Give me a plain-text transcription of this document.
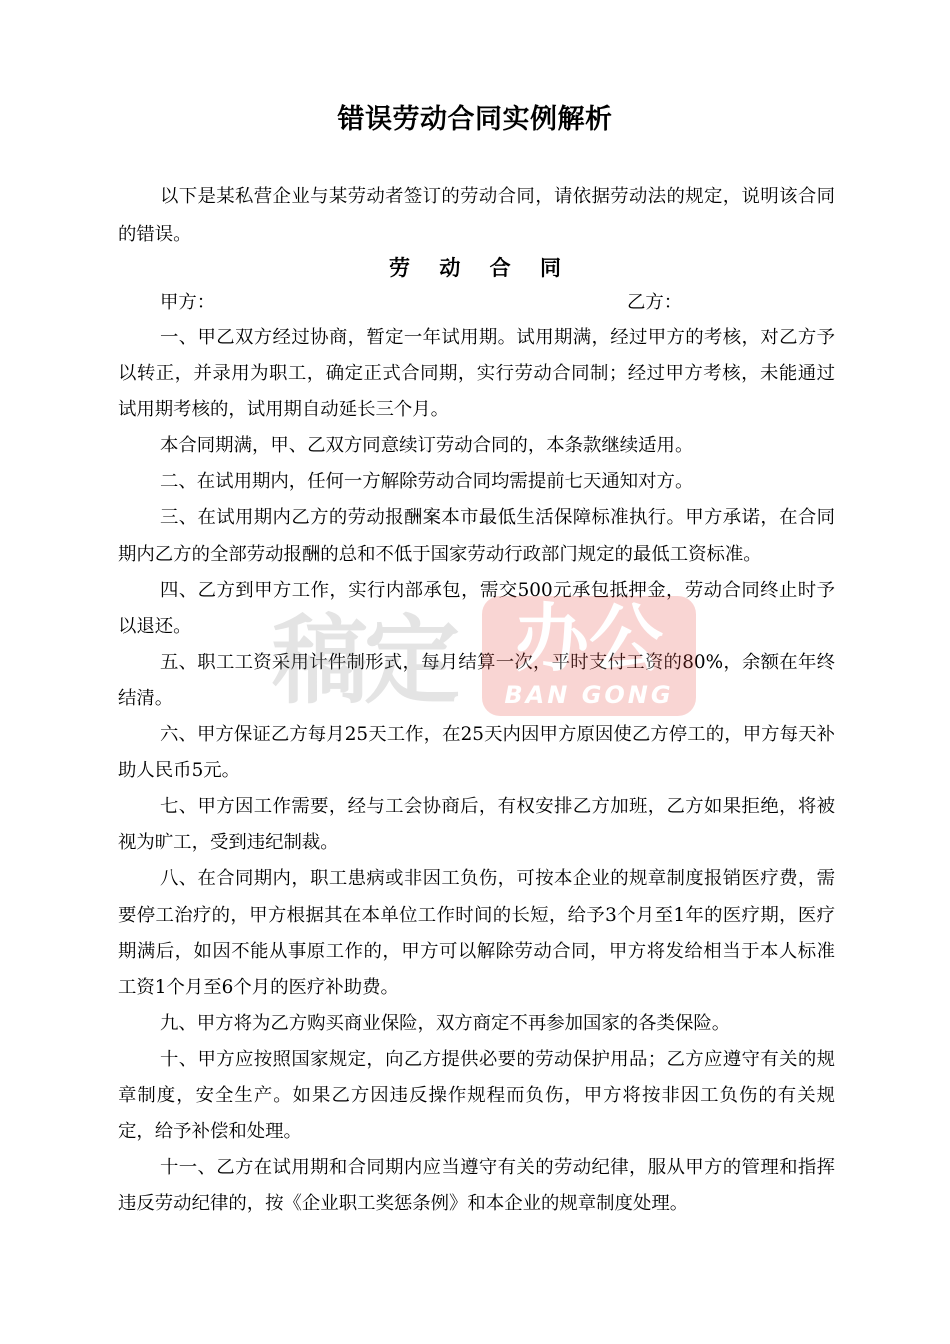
错误劳动合同实例解析

以下是某私营企业与某劳动者签订的劳动合同，请依据劳动法的规定，说明该合同的错误。

劳 动 合 同
甲方：	乙方：

一、甲乙双方经过协商，暂定一年试用期。试用期满，经过甲方的考核，对乙方予以转正，并录用为职工，确定正式合同期，实行劳动合同制；经过甲方考核，未能通过试用期考核的，试用期自动延长三个月。

本合同期满，甲、乙双方同意续订劳动合同的，本条款继续适用。

二、在试用期内，任何一方解除劳动合同均需提前七天通知对方。

三、在试用期内乙方的劳动报酬案本市最低生活保障标准执行。甲方承诺，在合同期内乙方的全部劳动报酬的总和不低于国家劳动行政部门规定的最低工资标准。

四、乙方到甲方工作，实行内部承包，需交500元承包抵押金，劳动合同终止时予以退还。

五、职工工资采用计件制形式，每月结算一次，平时支付工资的80%，余额在年终结清。

六、甲方保证乙方每月25天工作，在25天内因甲方原因使乙方停工的，甲方每天补助人民币5元。

七、甲方因工作需要，经与工会协商后，有权安排乙方加班，乙方如果拒绝，将被视为旷工，受到违纪制裁。

八、在合同期内，职工患病或非因工负伤，可按本企业的规章制度报销医疗费，需要停工治疗的，甲方根据其在本单位工作时间的长短，给予3个月至1年的医疗期，医疗期满后，如因不能从事原工作的，甲方可以解除劳动合同，甲方将发给相当于本人标准工资1个月至6个月的医疗补助费。

九、甲方将为乙方购买商业保险，双方商定不再参加国家的各类保险。

十、甲方应按照国家规定，向乙方提供必要的劳动保护用品；乙方应遵守有关的规章制度，安全生产。如果乙方因违反操作规程而负伤，甲方将按非因工负伤的有关规定，给予补偿和处理。

十一、乙方在试用期和合同期内应当遵守有关的劳动纪律，服从甲方的管理和指挥违反劳动纪律的，按《企业职工奖惩条例》和本企业的规章制度处理。

稿定 办公
BAN GONG
